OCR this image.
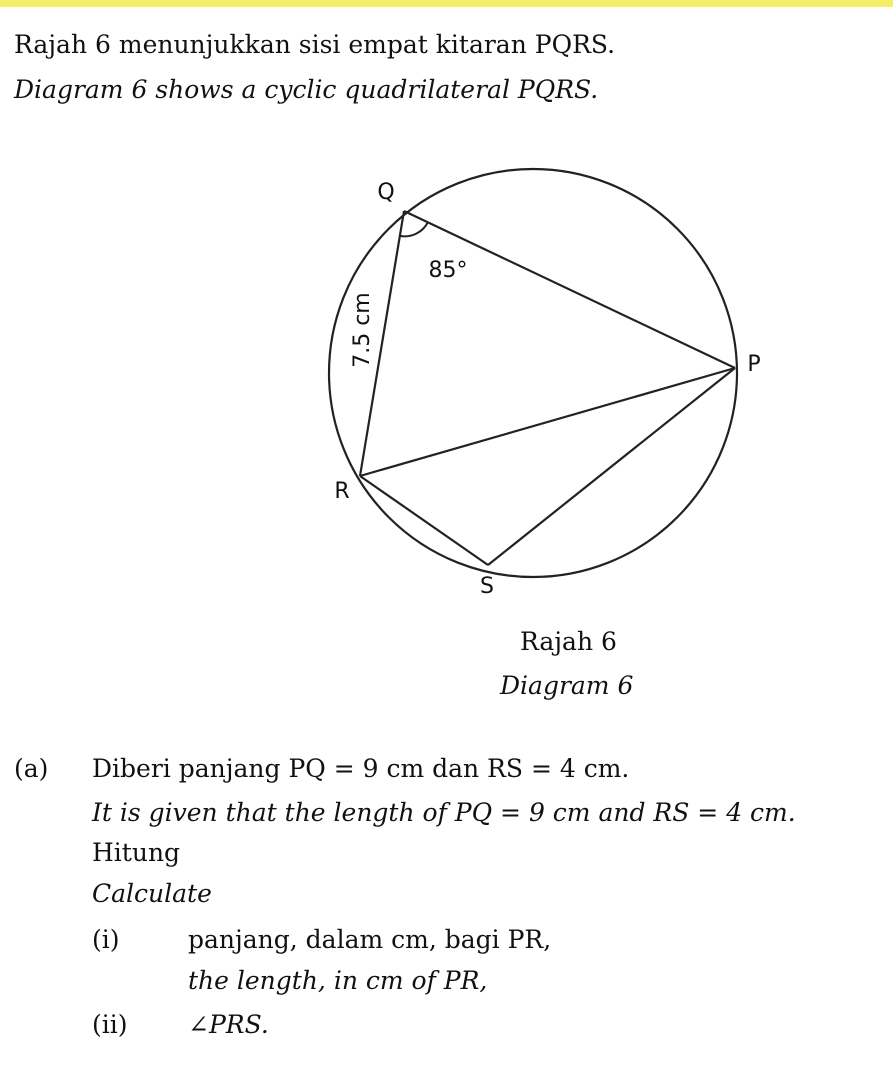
Rajah 6 menunjukkan sisi empat kitaran PQRS.
Diagram 6 shows a cyclic quadrilateral PQRS.
Q
P
R
S
85°
7.5 cm
Rajah 6
Diagram 6
(a) Diberi panjang PQ = 9 cm dan RS = 4 cm.
It is given that the length of PQ = 9 cm and RS = 4 cm.
Hitung
Calculate
(i)	panjang, dalam cm, bagi PR,
the length, in cm of PR,
(ii) ∠PRS.
